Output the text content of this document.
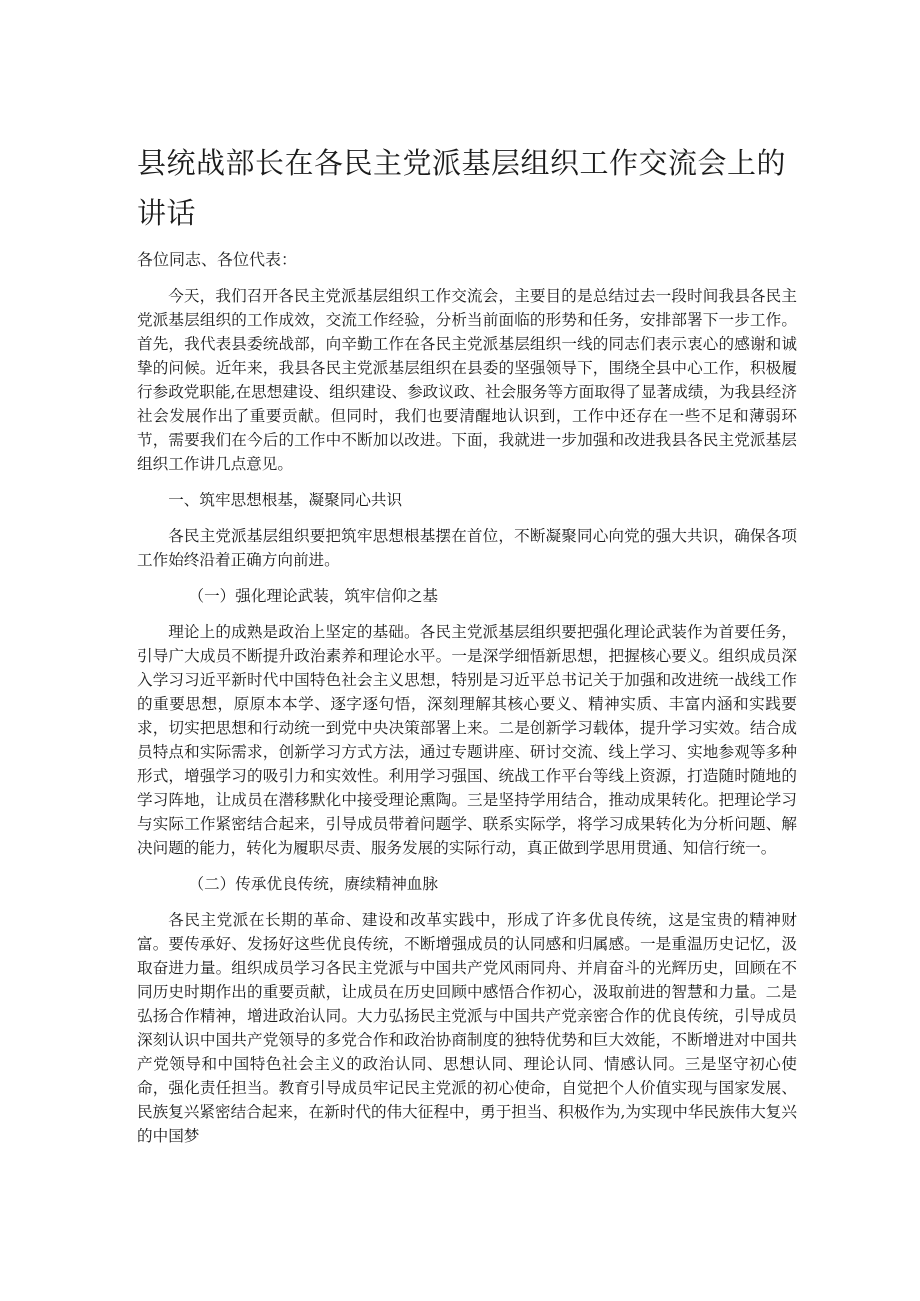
县统战部长在各民主党派基层组织工作交流会上的讲话

各位同志、各位代表：

今天，我们召开各民主党派基层组织工作交流会，主要目的是总结过去一段时间我县各民主党派基层组织的工作成效，交流工作经验，分析当前面临的形势和任务，安排部署下一步工作。首先，我代表县委统战部，向辛勤工作在各民主党派基层组织一线的同志们表示衷心的感谢和诚挚的问候。近年来，我县各民主党派基层组织在县委的坚强领导下，围绕全县中心工作，积极履行参政党职能,在思想建设、组织建设、参政议政、社会服务等方面取得了显著成绩，为我县经济社会发展作出了重要贡献。但同时，我们也要清醒地认识到，工作中还存在一些不足和薄弱环节，需要我们在今后的工作中不断加以改进。下面，我就进一步加强和改进我县各民主党派基层组织工作讲几点意见。

一、筑牢思想根基，凝聚同心共识

各民主党派基层组织要把筑牢思想根基摆在首位，不断凝聚同心向党的强大共识，确保各项工作始终沿着正确方向前进。

（一）强化理论武装，筑牢信仰之基

理论上的成熟是政治上坚定的基础。各民主党派基层组织要把强化理论武装作为首要任务，引导广大成员不断提升政治素养和理论水平。一是深学细悟新思想，把握核心要义。组织成员深入学习习近平新时代中国特色社会主义思想，特别是习近平总书记关于加强和改进统一战线工作的重要思想，原原本本学、逐字逐句悟，深刻理解其核心要义、精神实质、丰富内涵和实践要求，切实把思想和行动统一到党中央决策部署上来。二是创新学习载体，提升学习实效。结合成员特点和实际需求，创新学习方式方法，通过专题讲座、研讨交流、线上学习、实地参观等多种形式，增强学习的吸引力和实效性。利用学习强国、统战工作平台等线上资源，打造随时随地的学习阵地，让成员在潜移默化中接受理论熏陶。三是坚持学用结合，推动成果转化。把理论学习与实际工作紧密结合起来，引导成员带着问题学、联系实际学，将学习成果转化为分析问题、解决问题的能力，转化为履职尽责、服务发展的实际行动，真正做到学思用贯通、知信行统一。

（二）传承优良传统，赓续精神血脉

各民主党派在长期的革命、建设和改革实践中，形成了许多优良传统，这是宝贵的精神财富。要传承好、发扬好这些优良传统，不断增强成员的认同感和归属感。一是重温历史记忆，汲取奋进力量。组织成员学习各民主党派与中国共产党风雨同舟、并肩奋斗的光辉历史，回顾在不同历史时期作出的重要贡献，让成员在历史回顾中感悟合作初心，汲取前进的智慧和力量。二是弘扬合作精神，增进政治认同。大力弘扬民主党派与中国共产党亲密合作的优良传统，引导成员深刻认识中国共产党领导的多党合作和政治协商制度的独特优势和巨大效能，不断增进对中国共产党领导和中国特色社会主义的政治认同、思想认同、理论认同、情感认同。三是坚守初心使命，强化责任担当。教育引导成员牢记民主党派的初心使命，自觉把个人价值实现与国家发展、民族复兴紧密结合起来，在新时代的伟大征程中，勇于担当、积极作为,为实现中华民族伟大复兴的中国梦
